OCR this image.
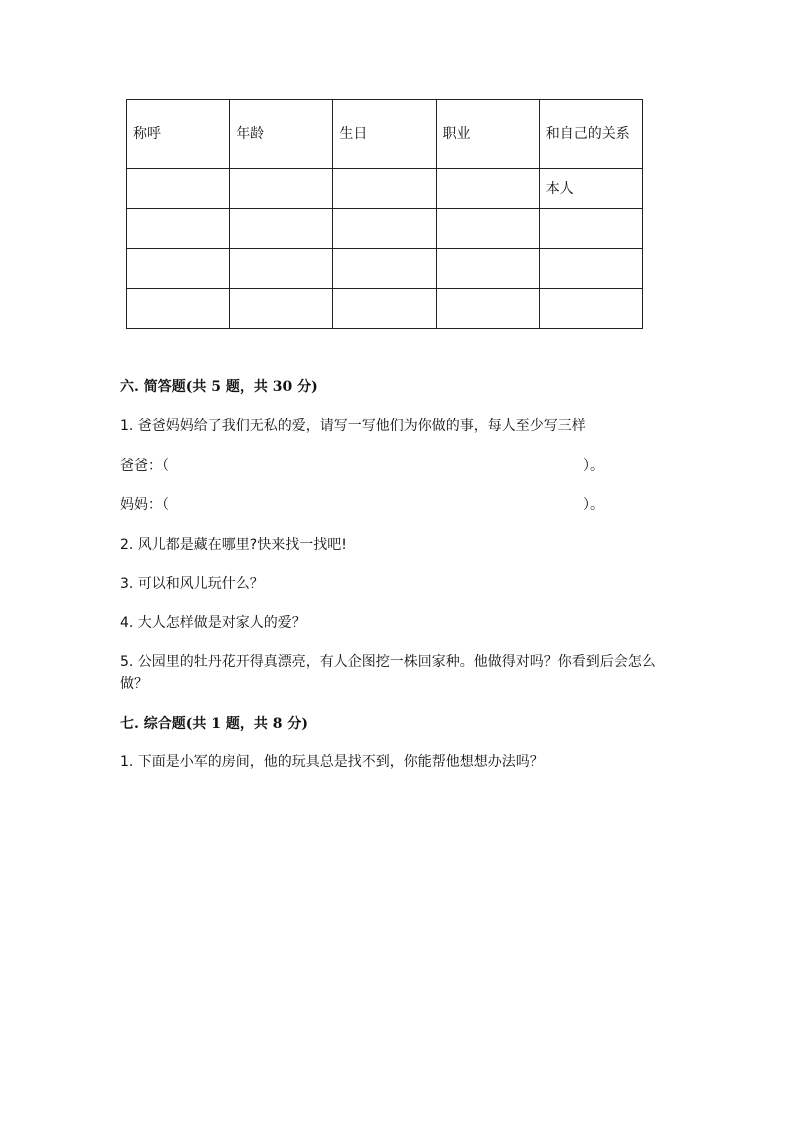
称呼	年龄	生日	职业	和自己的关系
				本人

六. 简答题(共 5 题，共 30 分)
1. 爸爸妈妈给了我们无私的爱，请写一写他们为你做的事，每人至少写三样
爸爸：（	）。
妈妈：（	）。
2. 风儿都是藏在哪里?快来找一找吧!
3. 可以和风儿玩什么？
4. 大人怎样做是对家人的爱？
5. 公园里的牡丹花开得真漂亮，有人企图挖一株回家种。他做得对吗？你看到后会怎么做？
七. 综合题(共 1 题，共 8 分)
1. 下面是小军的房间，他的玩具总是找不到，你能帮他想想办法吗？
